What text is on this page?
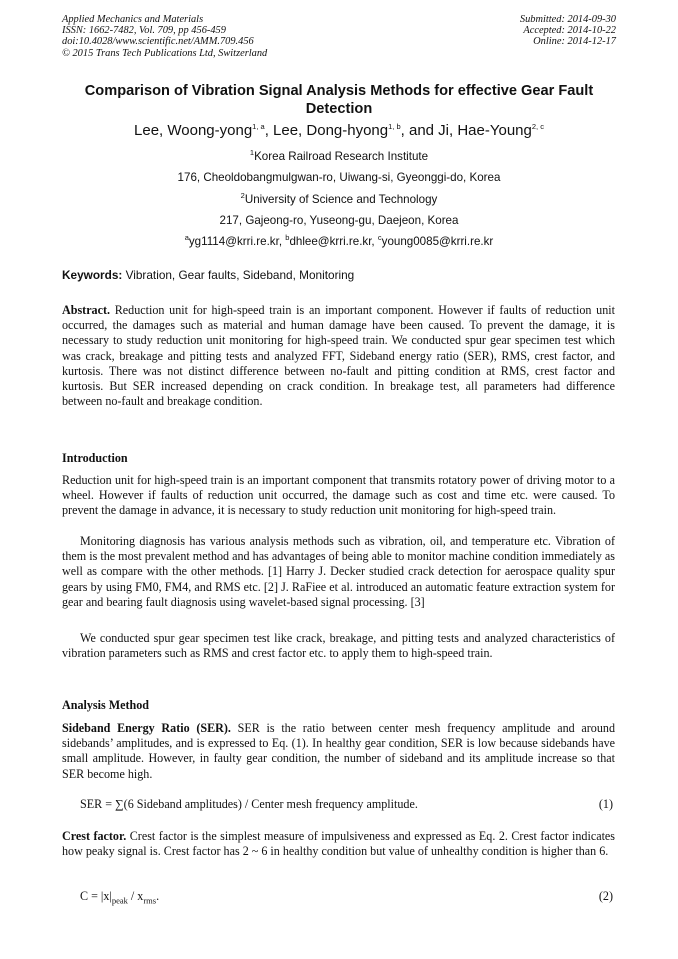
Applied Mechanics and Materials
ISSN: 1662-7482, Vol. 709, pp 456-459
doi:10.4028/www.scientific.net/AMM.709.456
© 2015 Trans Tech Publications Ltd, Switzerland
Submitted: 2014-09-30
Accepted: 2014-10-22
Online: 2014-12-17
Comparison of Vibration Signal Analysis Methods for effective Gear Fault Detection
Lee, Woong-yong$^{1, a}$, Lee, Dong-hyong$^{1, b}$, and Ji, Hae-Young$^{2, c}$
$^1$Korea Railroad Research Institute
176, Cheoldobangmulgwan-ro, Uiwang-si, Gyeonggi-do, Korea
$^2$University of Science and Technology
217, Gajeong-ro, Yuseong-gu, Daejeon, Korea
$^a$yg1114@krri.re.kr, $^b$dhlee@krri.re.kr, $^c$young0085@krri.re.kr
Keywords: Vibration, Gear faults, Sideband, Monitoring
Abstract. Reduction unit for high-speed train is an important component. However if faults of reduction unit occurred, the damages such as material and human damage have been caused. To prevent the damage, it is necessary to study reduction unit monitoring for high-speed train. We conducted spur gear specimen test which was crack, breakage and pitting tests and analyzed FFT, Sideband energy ratio (SER), RMS, crest factor, and kurtosis. There was not distinct difference between no-fault and pitting condition at RMS, crest factor and kurtosis. But SER increased depending on crack condition. In breakage test, all parameters had difference between no-fault and breakage condition.
Introduction
Reduction unit for high-speed train is an important component that transmits rotatory power of driving motor to a wheel. However if faults of reduction unit occurred, the damage such as cost and time etc. were caused. To prevent the damage in advance, it is necessary to study reduction unit monitoring for high-speed train.
Monitoring diagnosis has various analysis methods such as vibration, oil, and temperature etc. Vibration of them is the most prevalent method and has advantages of being able to monitor machine condition immediately as well as compare with the other methods. [1] Harry J. Decker studied crack detection for aerospace quality spur gears by using FM0, FM4, and RMS etc. [2] J. RaFiee et al. introduced an automatic feature extraction system for gear and bearing fault diagnosis using wavelet-based signal processing. [3]
We conducted spur gear specimen test like crack, breakage, and pitting tests and analyzed characteristics of vibration parameters such as RMS and crest factor etc. to apply them to high-speed train.
Analysis Method
Sideband Energy Ratio (SER). SER is the ratio between center mesh frequency amplitude and around sidebands’ amplitudes, and is expressed to Eq. (1). In healthy gear condition, SER is low because sidebands have small amplitude. However, in faulty gear condition, the number of sideband and its amplitude increase so that SER become high.
SER = ∑(6 Sideband amplitudes) / Center mesh frequency amplitude.	(1)
Crest factor. Crest factor is the simplest measure of impulsiveness and expressed as Eq. 2. Crest factor indicates how peaky signal is. Crest factor has 2 ~ 6 in healthy condition but value of unhealthy condition is higher than 6.
$C = |x|_{peak} / x_{rms}$.	(2)
